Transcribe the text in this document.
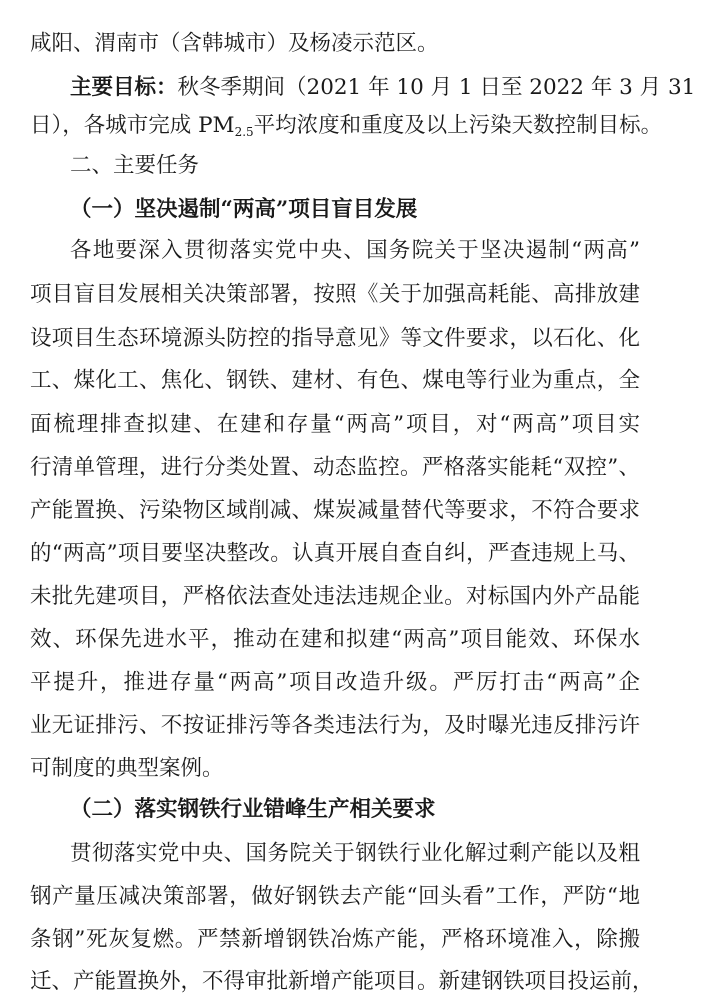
咸阳、渭南市（含韩城市）及杨凌示范区。
主要目标：秋冬季期间（2021 年 10 月 1 日至 2022 年 3 月 31
日），各城市完成 $PM_{2.5}$平均浓度和重度及以上污染天数控制目标。
二、主要任务
（一）坚决遏制“两高”项目盲目发展
各地要深入贯彻落实党中央、国务院关于坚决遏制“两高”
项目盲目发展相关决策部署，按照《关于加强高耗能、高排放建
设项目生态环境源头防控的指导意见》等文件要求，以石化、化
工、煤化工、焦化、钢铁、建材、有色、煤电等行业为重点，全
面梳理排查拟建、在建和存量“两高”项目，对“两高”项目实
行清单管理，进行分类处置、动态监控。严格落实能耗“双控”、
产能置换、污染物区域削减、煤炭减量替代等要求，不符合要求
的“两高”项目要坚决整改。认真开展自查自纠，严查违规上马、
未批先建项目，严格依法查处违法违规企业。对标国内外产品能
效、环保先进水平，推动在建和拟建“两高”项目能效、环保水
平提升，推进存量“两高”项目改造升级。严厉打击“两高”企
业无证排污、不按证排污等各类违法行为，及时曝光违反排污许
可制度的典型案例。
（二）落实钢铁行业错峰生产相关要求
贯彻落实党中央、国务院关于钢铁行业化解过剩产能以及粗
钢产量压减决策部署，做好钢铁去产能“回头看”工作，严防“地
条钢”死灰复燃。严禁新增钢铁冶炼产能，严格环境准入，除搬
迁、产能置换外，不得审批新增产能项目。新建钢铁项目投运前，
